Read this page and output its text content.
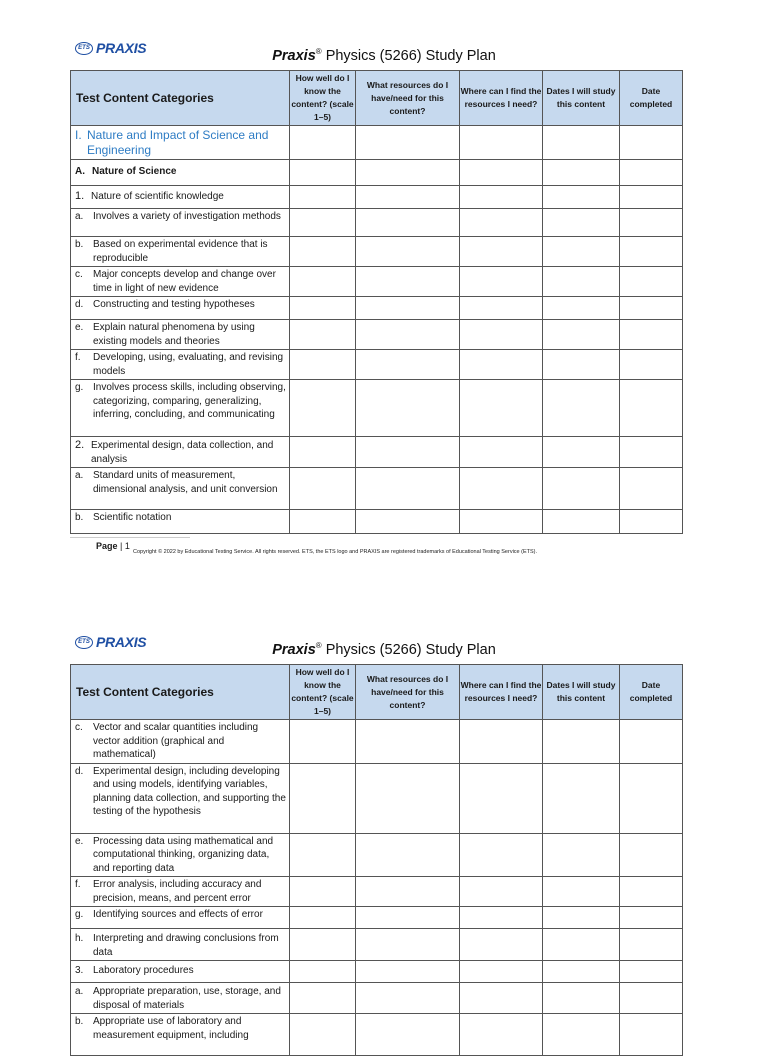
ETS PRAXIS	Praxis® Physics (5266) Study Plan
Test Content Categories	How well do I know the content? (scale 1–5)	What resources do I have/need for this content?	Where can I find the resources I need?	Dates I will study this content	Date completed

I. Nature and Impact of Science and Engineering					

A. Nature of Science					

1. Nature of scientific knowledge					

a. Involves a variety of investigation methods					

b. Based on experimental evidence that is reproducible					

c. Major concepts develop and change over time in light of new evidence					

d. Constructing and testing hypotheses					

e. Explain natural phenomena by using existing models and theories					

f. Developing, using, evaluating, and revising models					

g. Involves process skills, including observing, categorizing, comparing, generalizing, inferring, concluding, and communicating					

2. Experimental design, data collection, and analysis					

a. Standard units of measurement, dimensional analysis, and unit conversion					

b. Scientific notation					

Page | 1
Copyright © 2022 by Educational Testing Service. All rights reserved. ETS, the ETS logo and PRAXIS are registered trademarks of Educational Testing Service (ETS).
ETS PRAXIS	Praxis® Physics (5266) Study Plan
Test Content Categories	How well do I know the content? (scale 1–5)	What resources do I have/need for this content?	Where can I find the resources I need?	Dates I will study this content	Date completed

c. Vector and scalar quantities including vector addition (graphical and mathematical)					

d. Experimental design, including developing and using models, identifying variables, planning data collection, and supporting the testing of the hypothesis					

e. Processing data using mathematical and computational thinking, organizing data, and reporting data					

f. Error analysis, including accuracy and precision, means, and percent error					

g. Identifying sources and effects of error					

h. Interpreting and drawing conclusions from data					

3. Laboratory procedures					

a. Appropriate preparation, use, storage, and disposal of materials					

b. Appropriate use of laboratory and measurement equipment, including					
